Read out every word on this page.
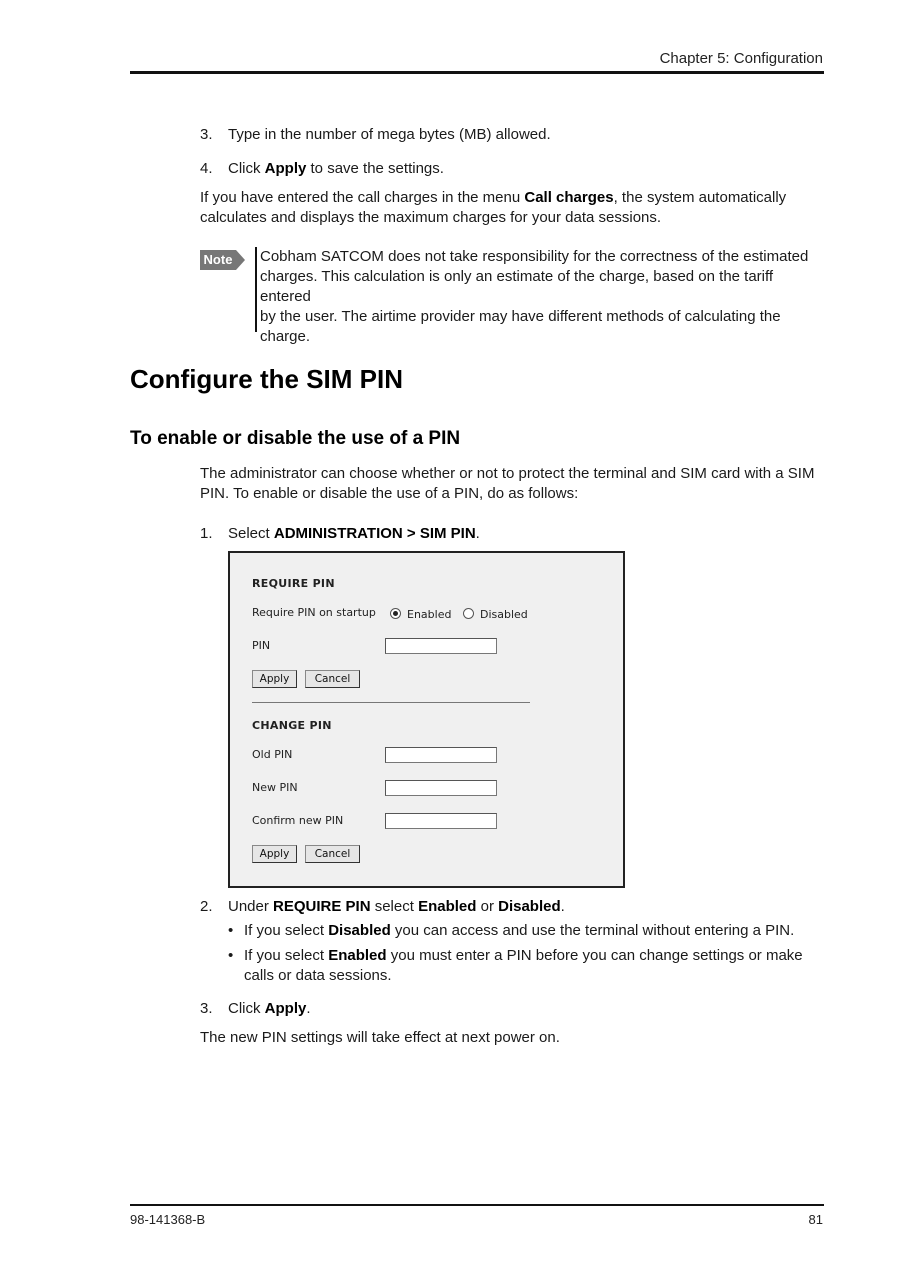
Chapter 5: Configuration
3. Type in the number of mega bytes (MB) allowed.
4. Click Apply to save the settings.
If you have entered the call charges in the menu Call charges, the system automatically
calculates and displays the maximum charges for your data sessions.
Note Cobham SATCOM does not take responsibility for the correctness of the estimated
charges. This calculation is only an estimate of the charge, based on the tariff entered
by the user. The airtime provider may have different methods of calculating the
charge.
Configure the SIM PIN
To enable or disable the use of a PIN
The administrator can choose whether or not to protect the terminal and SIM card with a SIM
PIN. To enable or disable the use of a PIN, do as follows:
1. Select ADMINISTRATION > SIM PIN.
REQUIRE PIN
Require PIN on startup	Enabled	Disabled
PIN
Apply	Cancel
CHANGE PIN
Old PIN
New PIN
Confirm new PIN
Apply	Cancel
2. Under REQUIRE PIN select Enabled or Disabled.
• If you select Disabled you can access and use the terminal without entering a PIN.
• If you select Enabled you must enter a PIN before you can change settings or make
calls or data sessions.
3. Click Apply.
The new PIN settings will take effect at next power on.
98-141368-B	81
